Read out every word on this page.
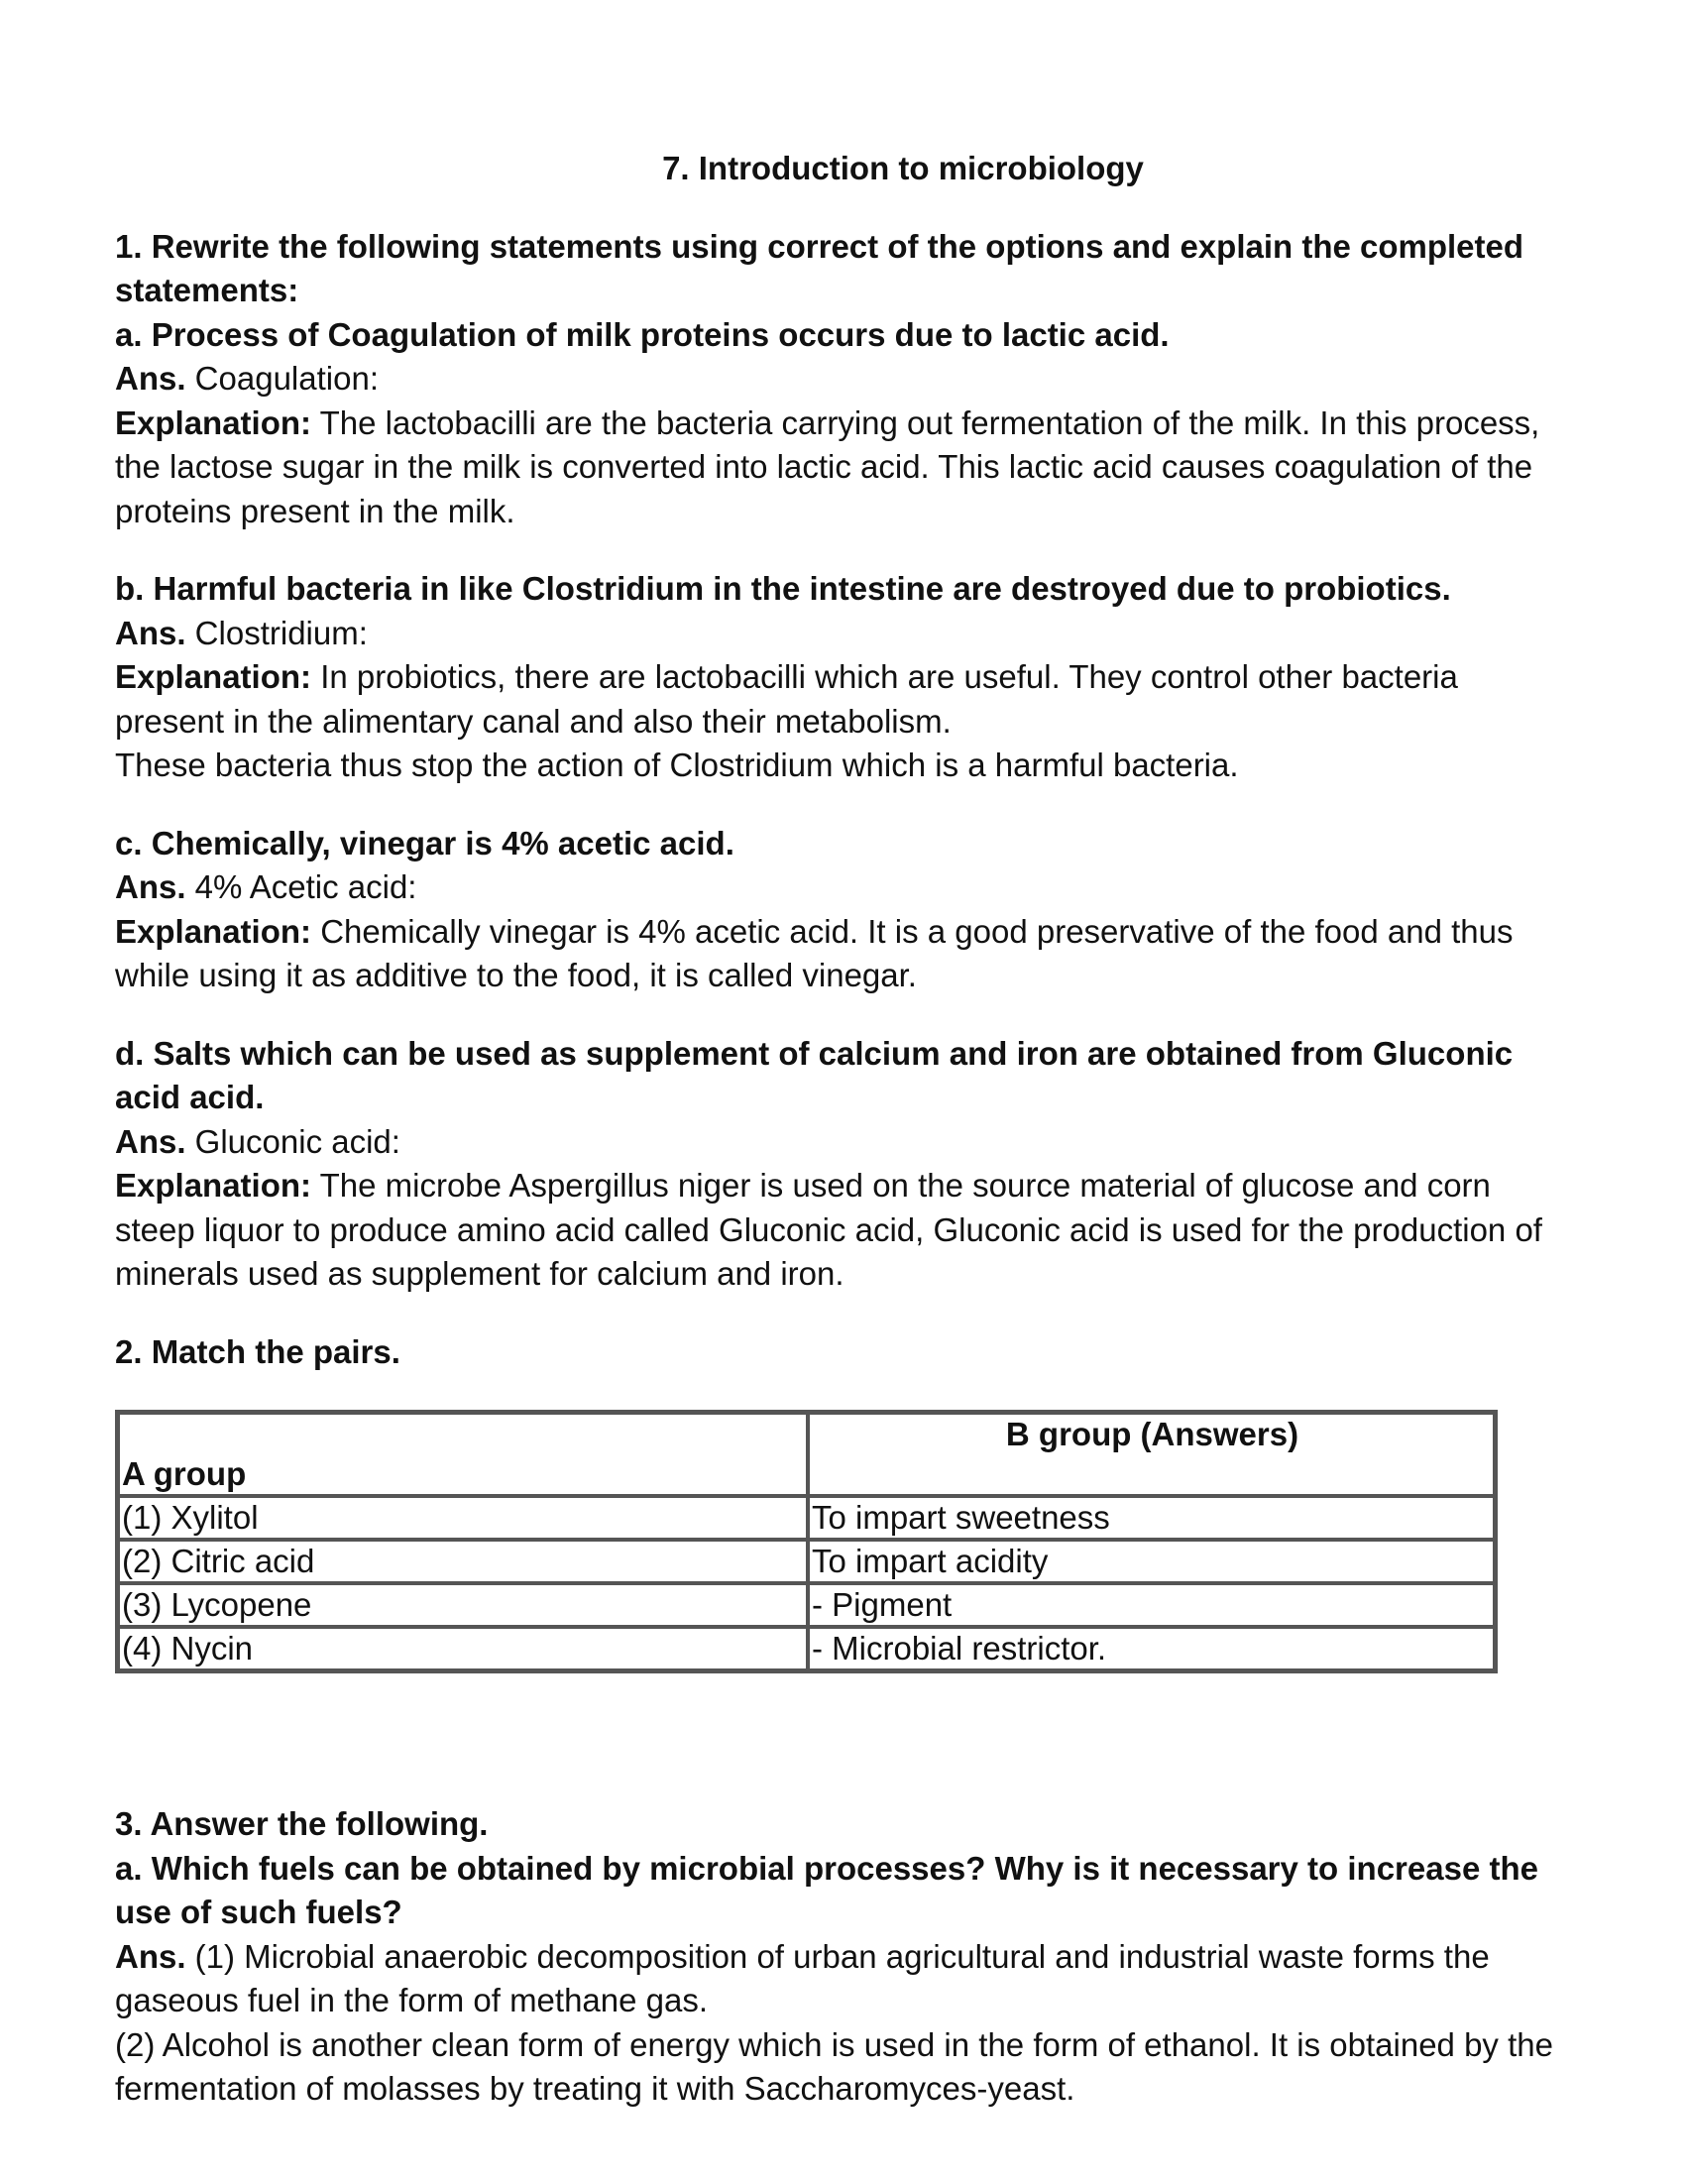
7. Introduction to microbiology

1. Rewrite the following statements using correct of the options and explain the completed statements:

a. Process of Coagulation of milk proteins occurs due to lactic acid.

Ans. Coagulation:

Explanation: The lactobacilli are the bacteria carrying out fermentation of the milk. In this process, the lactose sugar in the milk is converted into lactic acid. This lactic acid causes coagulation of the proteins present in the milk.

b. Harmful bacteria in like Clostridium in the intestine are destroyed due to probiotics.

Ans. Clostridium:

Explanation: In probiotics, there are lactobacilli which are useful. They control other bacteria present in the alimentary canal and also their metabolism.

These bacteria thus stop the action of Clostridium which is a harmful bacteria.

c. Chemically, vinegar is 4% acetic acid.

Ans. 4% Acetic acid:

Explanation: Chemically vinegar is 4% acetic acid. It is a good preservative of the food and thus while using it as additive to the food, it is called vinegar.

d. Salts which can be used as supplement of calcium and iron are obtained from Gluconic acid acid.

Ans. Gluconic acid:

Explanation: The microbe Aspergillus niger is used on the source material of glucose and corn steep liquor to produce amino acid called Gluconic acid, Gluconic acid is used for the production of minerals used as supplement for calcium and iron.

2. Match the pairs.

A group	B group (Answers)
(1) Xylitol	To impart sweetness
(2) Citric acid	To impart acidity
(3) Lycopene	- Pigment
(4) Nycin	- Microbial restrictor.

3. Answer the following.

a. Which fuels can be obtained by microbial processes? Why is it necessary to increase the use of such fuels?

Ans. (1) Microbial anaerobic decomposition of urban agricultural and industrial waste forms the gaseous fuel in the form of methane gas.

(2) Alcohol is another clean form of energy which is used in the form of ethanol. It is obtained by the fermentation of molasses by treating it with Saccharomyces-yeast.
